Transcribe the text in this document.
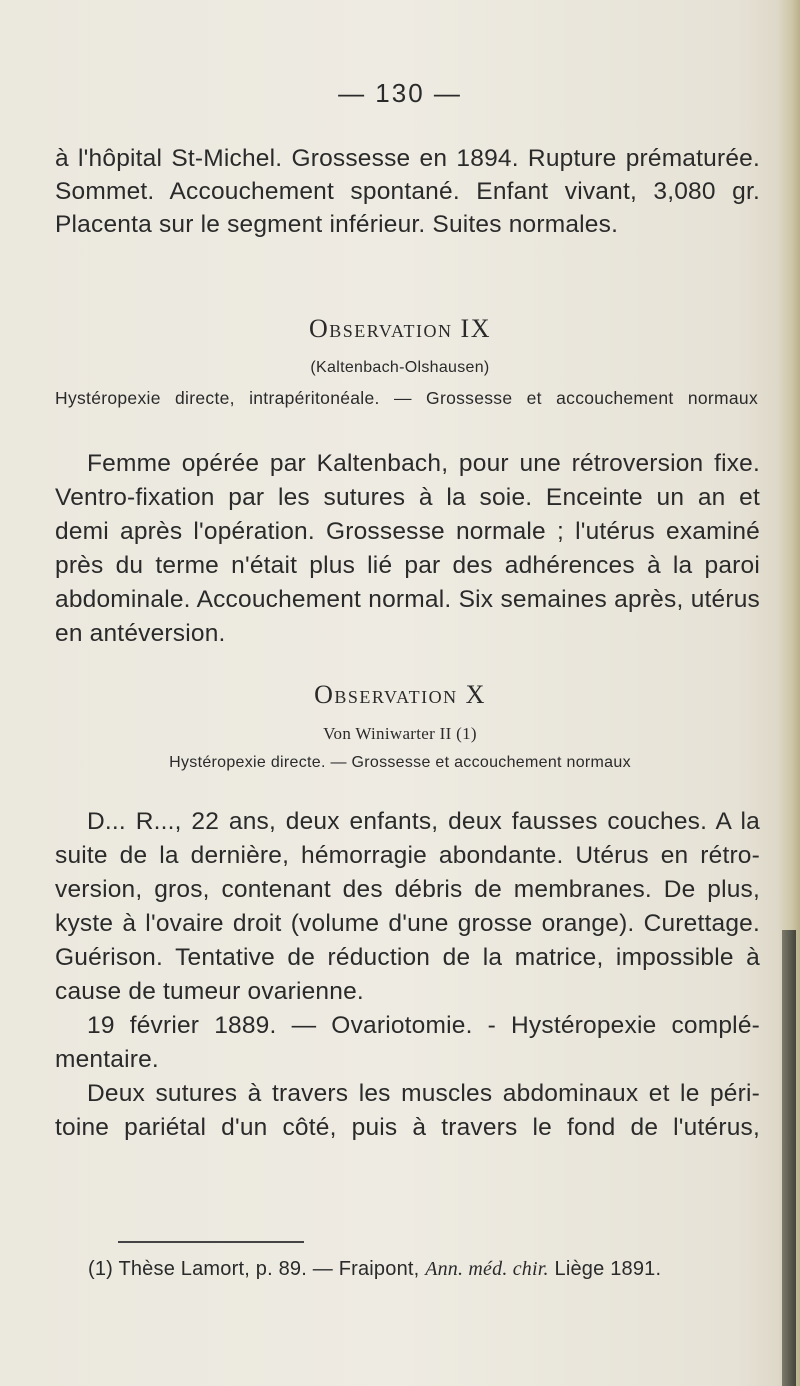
— 130 —

à l'hôpital St-Michel. Grossesse en 1894. Rupture prématurée.

Sommet. Accouchement spontané. Enfant vivant, 3,080 gr.

Placenta sur le segment inférieur. Suites normales.

Observation IX

(Kaltenbach-Olshausen)

Hystéropexie directe, intrapéritonéale. — Grossesse et accouchement normaux

Femme opérée par Kaltenbach, pour une rétroversion fixe.

Ventro-fixation par les sutures à la soie. Enceinte un an et

demi après l'opération. Grossesse normale ; l'utérus examiné

près du terme n'était plus lié par des adhérences à la paroi

abdominale. Accouchement normal. Six semaines après, utérus

en antéversion.

Observation X

Von Winiwarter II (1)

Hystéropexie directe. — Grossesse et accouchement normaux

D... R..., 22 ans, deux enfants, deux fausses couches. A la

suite de la dernière, hémorragie abondante. Utérus en rétro-

version, gros, contenant des débris de membranes. De plus,

kyste à l'ovaire droit (volume d'une grosse orange). Curettage.

Guérison. Tentative de réduction de la matrice, impossible à

cause de tumeur ovarienne.

19 février 1889. — Ovariotomie. - Hystéropexie complé-

mentaire.

Deux sutures à travers les muscles abdominaux et le péri-

toine pariétal d'un côté, puis à travers le fond de l'utérus,

(1) Thèse Lamort, p. 89. — Fraipont, Ann. méd. chir. Liège 1891.
